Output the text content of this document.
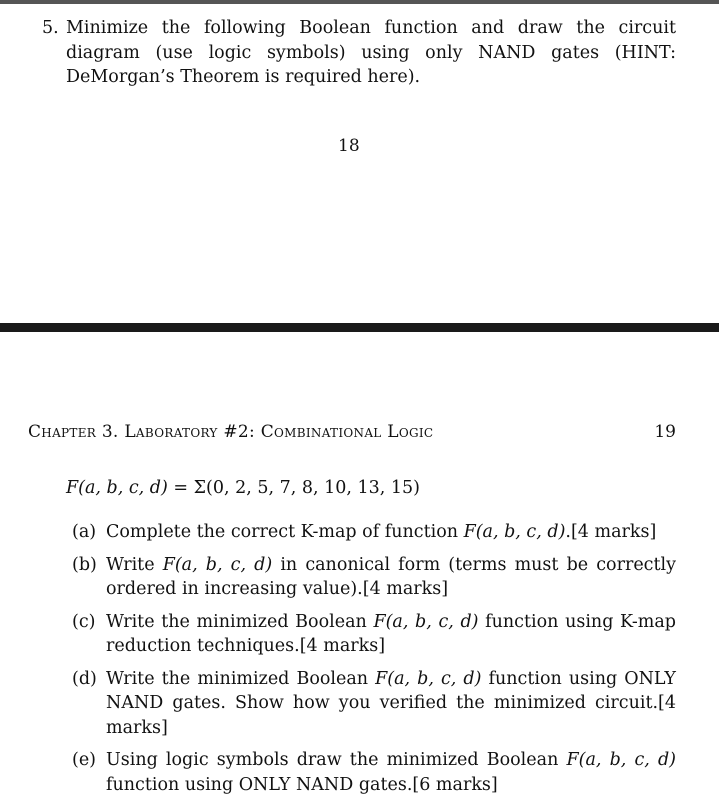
5. Minimize the following Boolean function and draw the circuit diagram (use logic symbols) using only NAND gates (HINT: DeMorgan’s Theorem is required here).
18
Chapter 3. Laboratory #2: Combinational Logic	19
F(a, b, c, d) = Σ(0, 2, 5, 7, 8, 10, 13, 15)
(a) Complete the correct K-map of function F(a, b, c, d).[4 marks]
(b) Write F(a, b, c, d) in canonical form (terms must be correctly ordered in increasing value).[4 marks]
(c) Write the minimized Boolean F(a, b, c, d) function using K-map reduction techniques.[4 marks]
(d) Write the minimized Boolean F(a, b, c, d) function using ONLY NAND gates. Show how you verified the minimized circuit.[4 marks]
(e) Using logic symbols draw the minimized Boolean F(a, b, c, d) function using ONLY NAND gates.[6 marks]
